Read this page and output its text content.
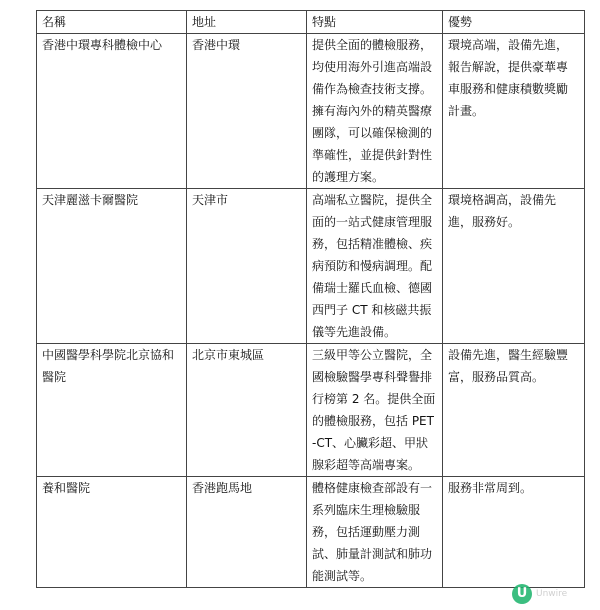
名稱	地址	特點	優勢
香港中環專科體檢中心	香港中環	提供全面的體檢服務，均使用海外引進高端設備作為檢查技術支撐。擁有海內外的精英醫療團隊，可以確保檢測的準確性，並提供針對性的護理方案。	環境高端，設備先進，報告解說，提供豪華專車服務和健康積數獎勵計畫。
天津麗滋卡爾醫院	天津市	高端私立醫院，提供全面的一站式健康管理服務，包括精准體檢、疾病預防和慢病調理。配備瑞士羅氏血檢、德國西門子 CT 和核磁共振儀等先進設備。	環境格調高，設備先進，服務好。
中國醫學科學院北京協和醫院	北京市東城區	三級甲等公立醫院，全國檢驗醫學專科聲譽排行榜第 2 名。提供全面的體檢服務，包括 PET-CT、心臟彩超、甲狀腺彩超等高端專案。	設備先進，醫生經驗豐富，服務品質高。
養和醫院	香港跑馬地	體格健康檢查部設有一系列臨床生理檢驗服務，包括運動壓力測試、肺量計測試和肺功能測試等。	服務非常周到。
U Unwire
